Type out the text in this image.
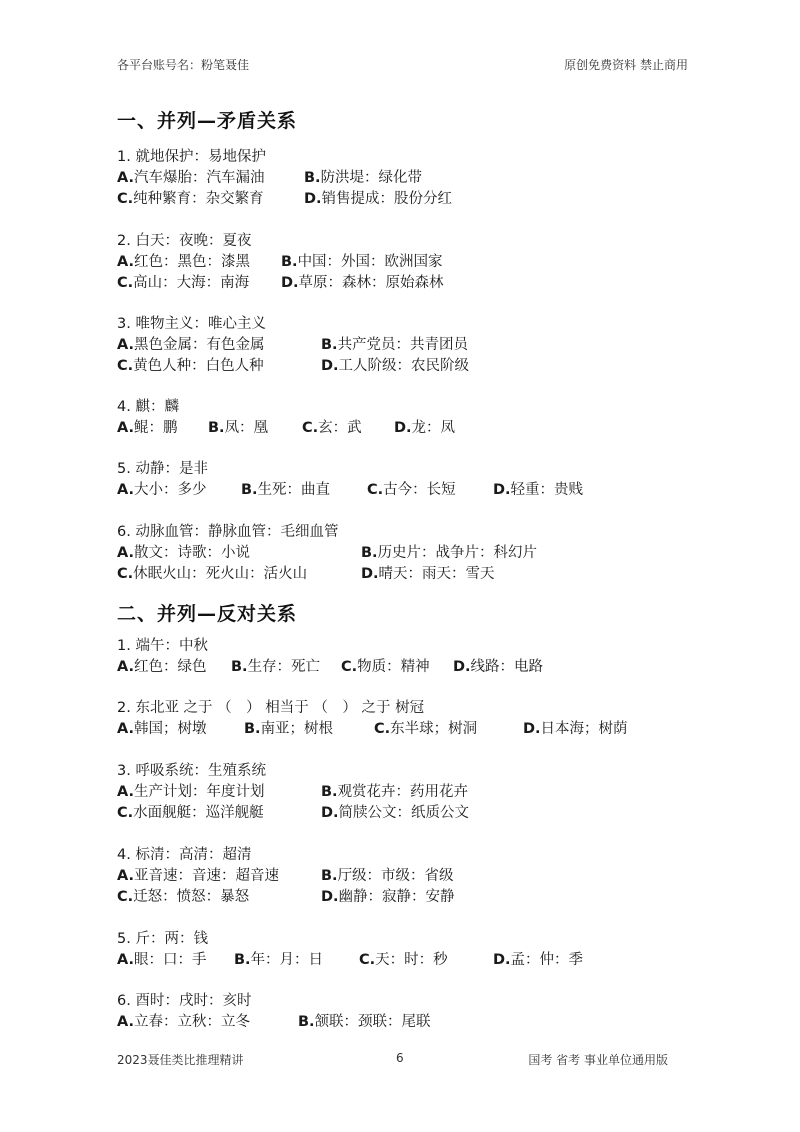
各平台账号名：粉笔聂佳	原创免费资料 禁止商用
一、并列—矛盾关系
1. 就地保护：易地保护
A.汽车爆胎：汽车漏油	B.防洪堤：绿化带
C.纯种繁育：杂交繁育	D.销售提成：股份分红
2. 白天：夜晚：夏夜
A.红色：黑色：漆黑 B.中国：外国：欧洲国家
C.高山：大海：南海 D.草原：森林：原始森林
3. 唯物主义：唯心主义
A.黑色金属：有色金属	B.共产党员：共青团员
C.黄色人种：白色人种	D.工人阶级：农民阶级
4. 麒：麟
A.鲲：鹏 B.凤：凰 C.玄：武 D.龙：凤
5. 动静：是非
A.大小：多少 B.生死：曲直	C.古今：长短	D.轻重：贵贱
6. 动脉血管：静脉血管：毛细血管
A.散文：诗歌：小说	B.历史片：战争片：科幻片
C.休眠火山：死火山：活火山	D.晴天：雨天：雪天
二、并列—反对关系
1. 端午：中秋
A.红色：绿色 B.生存：死亡 C.物质：精神 D.线路：电路
2. 东北亚 之于 （　） 相当于 （　） 之于 树冠
A.韩国；树墩	B.南亚；树根	C.东半球；树洞	D.日本海；树荫
3. 呼吸系统：生殖系统
A.生产计划：年度计划	B.观赏花卉：药用花卉
C.水面舰艇：巡洋舰艇	D.简牍公文：纸质公文
4. 标清：高清：超清
A.亚音速：音速：超音速	B.厅级：市级：省级
C.迁怒：愤怒：暴怒	D.幽静：寂静：安静
5. 斤：两：钱
A.眼：口：手 B.年：月：日 C.天：时：秒	D.孟：仲：季
6. 酉时：戌时：亥时
A.立春：立秋：立冬	B.颔联：颈联：尾联
2023聂佳类比推理精讲	6	国考 省考 事业单位通用版
